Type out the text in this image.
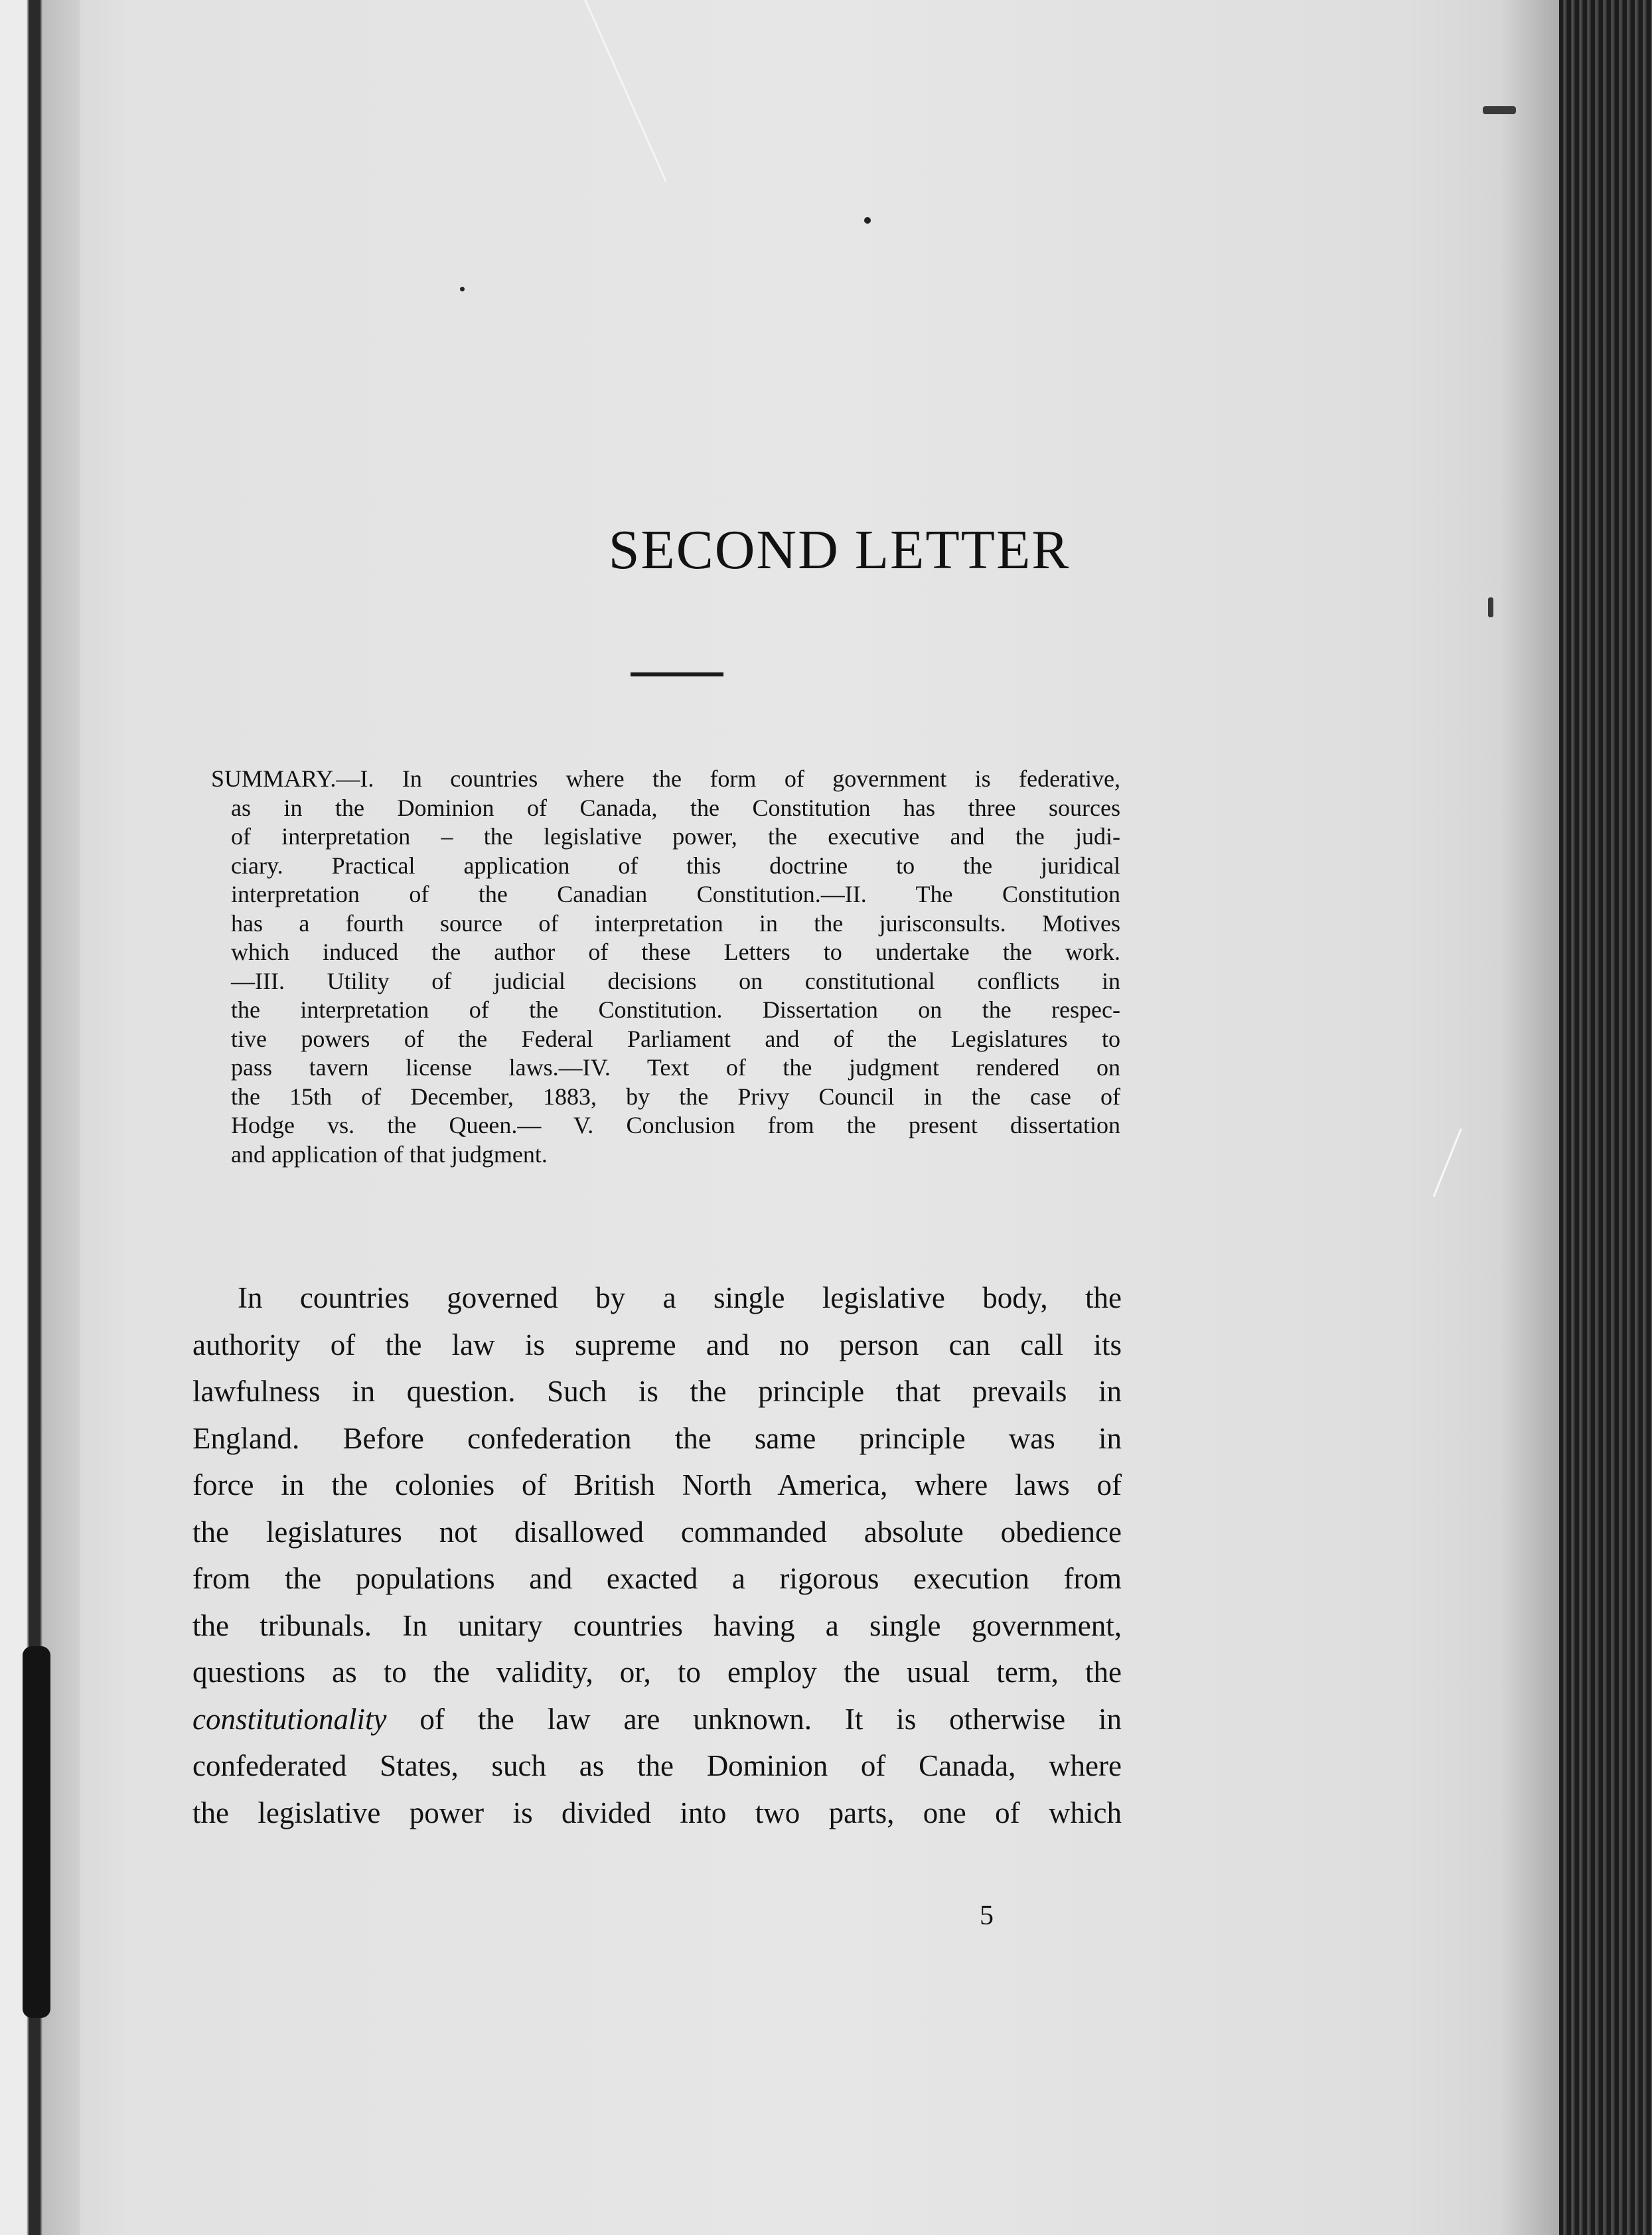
SECOND LETTER
SUMMARY.—I. In countries where the form of government is federative,
as in the Dominion of Canada, the Constitution has three sources
of interpretation – the legislative power, the executive and the judi-
ciary. Practical application of this doctrine to the juridical
interpretation of the Canadian Constitution.—II. The Constitution
has a fourth source of interpretation in the jurisconsults. Motives
which induced the author of these Letters to undertake the work.
—III. Utility of judicial decisions on constitutional conflicts in
the interpretation of the Constitution. Dissertation on the respec-
tive powers of the Federal Parliament and of the Legislatures to
pass tavern license laws.—IV. Text of the judgment rendered on
the 15th of December, 1883, by the Privy Council in the case of
Hodge vs. the Queen.— V. Conclusion from the present dissertation
and application of that judgment.
In countries governed by a single legislative body, the
authority of the law is supreme and no person can call its
lawfulness in question. Such is the principle that prevails in
England. Before confederation the same principle was in
force in the colonies of British North America, where laws of
the legislatures not disallowed commanded absolute obedience
from the populations and exacted a rigorous execution from
the tribunals. In unitary countries having a single government,
questions as to the validity, or, to employ the usual term, the
constitutionality of the law are unknown. It is otherwise in
confederated States, such as the Dominion of Canada, where
the legislative power is divided into two parts, one of which
5
